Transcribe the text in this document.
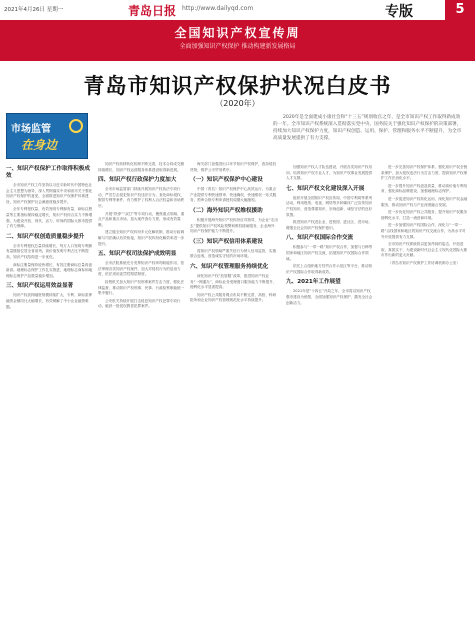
2021年4月26日 星期一	青岛日报 http://www.dailyqd.com	专版	5
全国知识产权宣传周
全面加强知识产权保护 推动构建新发展格局
青岛市知识产权保护状况白皮书
（2020年）
市场监管
在身边

2020年是全面建成小康社会和“十三五”规划收官之年，是全市知识产权工作取得新成效的一年。全市知识产权系统深入贯彻落实党中央、国务院关于强化知识产权保护的决策部署，持续加大知识产权保护力度，知识产权创造、运用、保护、管理和服务水平不断提升，为全市高质量发展提供了有力支撑。

一、知识产权保护工作取得积极成效

全市知识产权工作坚持以习近平新时代中国特色社会主义思想为指导，深入贯彻落实中央和省市关于强化知识产权保护的意见，全面推进知识产权保护体系建设，知识产权保护社会满意度稳步提升。

全年专利授权量、有效发明专利拥有量、商标注册量等主要指标保持稳定增长，知识产权综合实力不断增强，为建设开放、现代、活力、时尚的国际大都市提供了有力保障。

二、知识产权创造质量稳步提升

全市专利授权总量持续增长，每万人口发明专利拥有量继续位居全省前列。高价值发明专利占比不断提高，知识产权结构进一步优化。

商标注册量保持较快增长，有效注册商标总量再创新高。地理标志保护工作扎实推进，地理标志商标和地理标志保护产品数量稳步增加。

三、知识产权运用效益显著

知识产权质押融资规模持续扩大，专利、商标质押融资金额同比大幅增长，有效缓解了中小企业融资难题。

知识产权转移转化机制不断完善，技术合同成交额持续增长，知识产权运营服务体系建设取得新进展。

四、知识产权行政保护力度加大

全市市场监管部门持续开展知识产权执法专项行动，严厉打击侵犯知识产权违法行为，查处商标侵权、假冒专利等案件，有力维护了权利人合法权益和市场秩序。

开展“铁拳”“双打”等专项行动，聚焦重点领域、重点产品和重点市场，加大案件查办力度，形成有效震慑。

建立健全知识产权纠纷多元化解机制，推动行政调解与司法确认有效衔接，知识产权纠纷化解效率进一步提升。

五、知识产权司法保护成效明显

全市法院系统充分发挥知识产权审判职能作用，依法审理各类知识产权案件，加大对侵权行为的惩治力度，依法适用惩罚性赔偿制度。

检察机关加大知识产权刑事案件打击力度，强化法律监督，推动知识产权刑事、民事、行政检察职能统一集中履行。

公安机关持续开展打击侵犯知识产权犯罪专项行动，破获一批侵权假冒犯罪案件。

海关部门加强进出口环节知识产权保护，查扣侵权货物，维护公平贸易秩序。

（一）知识产权保护中心建设

中国（青岛）知识产权保护中心高效运行，为重点产业提供专利快速预审、快速确权、快速维权一站式服务，预审合格专利申请授权周期大幅缩短。

（二）海外知识产权维权援助

积极开展海外知识产权纠纷应对指导，为企业“走出去”提供知识产权风险预警和维权援助服务，企业海外知识产权保护能力不断提升。

（三）知识产权信用体系建设

将知识产权领域严重失信行为纳入信用监管，实施联合惩戒，营造诚实守信的市场环境。

六、知识产权管理服务持续优化

深化知识产权“放管服”改革，推进知识产权业务“一网通办”，商标业务受理窗口服务能力不断提升，便利化水平显著提高。

知识产权公共服务网点布局不断完善，高校、科研院所和企业知识产权管理规范化水平持续提升。

加强知识产权人才队伍建设，开展各类知识产权培训，培养知识产权专业人才，为知识产权事业发展提供人才支撑。

七、知识产权文化建设深入开展

组织开展全国知识产权宣传周、中国专利周等系列活动，利用报纸、电视、网络等多种媒体广泛宣传知识产权知识，营造尊重知识、崇尚创新、诚信守法的良好氛围。

推进知识产权进企业、进校园、进社区、进市场，增强全社会知识产权保护意识。

八、知识产权国际合作交流

积极参与“一带一路”知识产权合作，加强与日韩等国家和地区知识产权交流，拓展知识产权国际合作领域。

依托上合组织地方经贸合作示范区等平台，推动知识产权国际合作取得新成效。

九、2021年工作展望

2021年是“十四五”开局之年，全市将以知识产权强市建设为统领，全面加强知识产权保护，激发全社会创新活力。

进一步完善知识产权保护体系，强化知识产权全链条保护，加大侵权违法行为打击力度，提高知识产权保护工作法治化水平。

进一步提升知识产权创造质量，推动高价值专利培育，强化商标品牌建设，加强地理标志保护。

进一步促进知识产权转化运用，深化知识产权金融服务，推动知识产权与产业深度融合发展。

进一步优化知识产权公共服务，提升知识产权服务便利化水平，打造一流营商环境。

进一步加强知识产权国际合作，深化与“一带一路”沿线国家和地区的知识产权交流合作，为高水平对外开放提供有力支撑。

全市知识产权系统将以更加昂扬的姿态，开拓进取，真抓实干，为建设新时代社会主义现代化国际大都市作出新的更大贡献。

（青岛市知识产权保护工作协调机制办公室）
